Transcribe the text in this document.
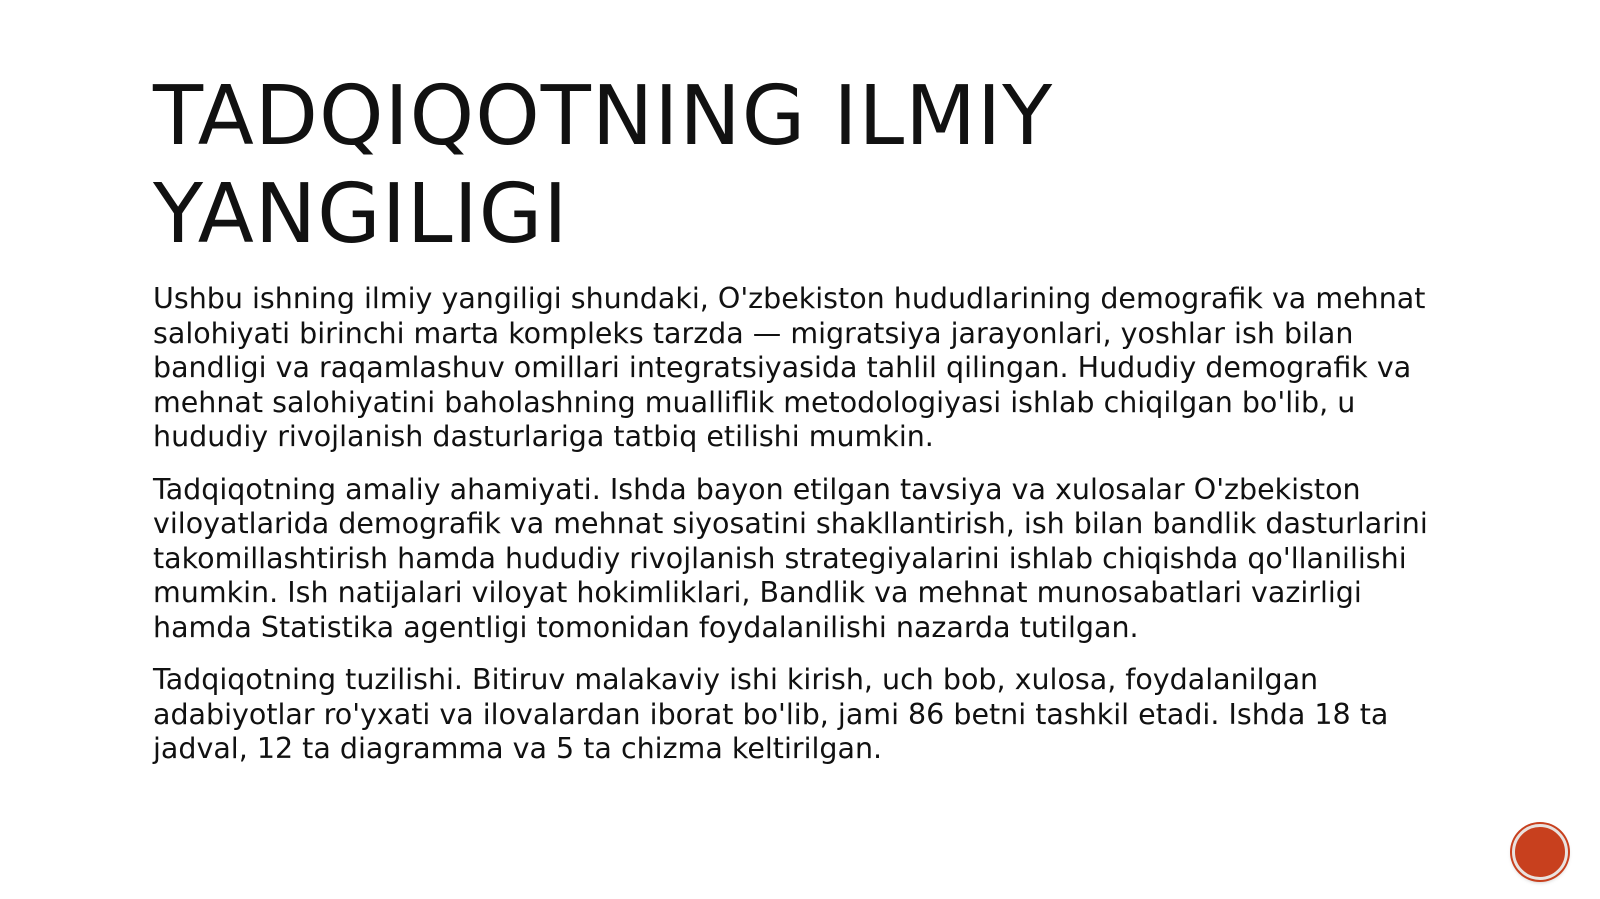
TADQIQOTNING ILMIY
YANGILIGI

Ushbu ishning ilmiy yangiligi shundaki, O'zbekiston hududlarining demografik va mehnat salohiyati birinchi marta kompleks tarzda — migratsiya jarayonlari, yoshlar ish bilan bandligi va raqamlashuv omillari integratsiyasida tahlil qilingan. Hududiy demografik va mehnat salohiyatini baholashning mualliflik metodologiyasi ishlab chiqilgan bo'lib, u hududiy rivojlanish dasturlariga tatbiq etilishi mumkin.

Tadqiqotning amaliy ahamiyati. Ishda bayon etilgan tavsiya va xulosalar O'zbekiston viloyatlarida demografik va mehnat siyosatini shakllantirish, ish bilan bandlik dasturlarini takomillashtirish hamda hududiy rivojlanish strategiyalarini ishlab chiqishda qo'llanilishi mumkin. Ish natijalari viloyat hokimliklari, Bandlik va mehnat munosabatlari vazirligi hamda Statistika agentligi tomonidan foydalanilishi nazarda tutilgan.

Tadqiqotning tuzilishi. Bitiruv malakaviy ishi kirish, uch bob, xulosa, foydalanilgan adabiyotlar ro'yxati va ilovalardan iborat bo'lib, jami 86 betni tashkil etadi. Ishda 18 ta jadval, 12 ta diagramma va 5 ta chizma keltirilgan.
